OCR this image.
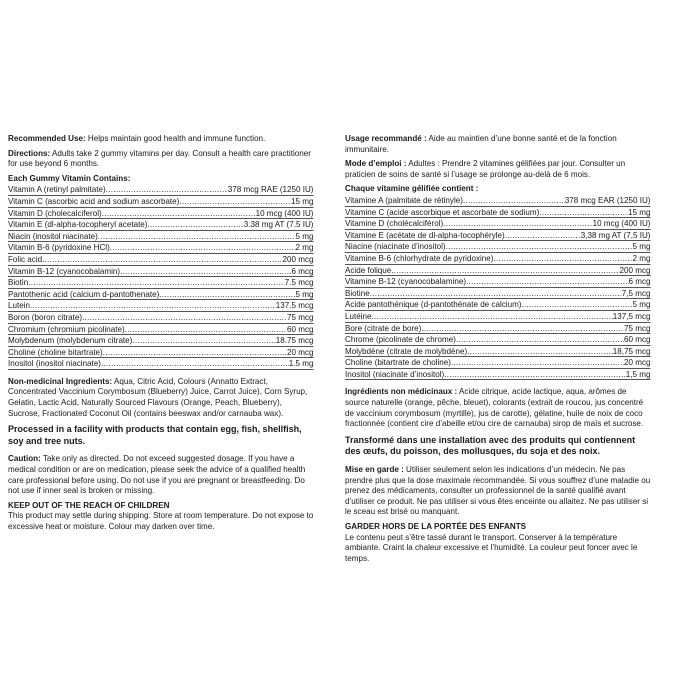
Recommended Use: Helps maintain good health and immune function.
Directions: Adults take 2 gummy vitamins per day. Consult a health care practitioner for use beyond 6 months.
Each Gummy Vitamin Contains:
Vitamin A (retinyl palmitate) .....	378 mcg RAE (1250 IU)
Vitamin C (ascorbic acid and sodium ascorbate) .....	15 mg
Vitamin D (cholecalciferol) .....	10 mcg (400 IU)
Vitamin E (dl-alpha-tocopheryl acetate) .....	3.38 mg AT (7.5 IU)
Niacin (inositol niacinate) .....	5 mg
Vitamin B-6 (pyridoxine HCl) .....	2 mg
Folic acid .....	200 mcg
Vitamin B-12 (cyanocobalamin) .....	6 mcg
Biotin .....	7.5 mcg
Pantothenic acid (calcium d-pantothenate) .....	5 mg
Lutein .....	137.5 mcg
Boron (boron citrate) .....	75 mcg
Chromium (chromium picolinate) .....	60 mcg
Molybdenum (molybdenum citrate) .....	18.75 mcg
Choline (choline bitartrate) .....	20 mcg
Inositol (inositol niacinate) .....	1.5 mg
Non-medicinal Ingredients: Aqua, Citric Acid, Colours (Annatto Extract, Concentrated Vaccinium Corymbosum (Blueberry) Juice, Carrot Juice), Corn Syrup, Gelatin, Lactic Acid, Naturally Sourced Flavours (Orange, Peach, Blueberry), Sucrose, Fractionated Coconut Oil (contains beeswax and/or carnauba wax).
Processed in a facility with products that contain egg, fish, shellfish, soy and tree nuts.
Caution: Take only as directed. Do not exceed suggested dosage. If you have a medical condition or are on medication, please seek the advice of a qualified health care professional before using. Do not use if you are pregnant or breastfeeding. Do not use if inner seal is broken or missing.
KEEP OUT OF THE REACH OF CHILDREN
This product may settle during shipping. Store at room temperature. Do not expose to excessive heat or moisture. Colour may darken over time.
Usage recommandé : Aide au maintien d’une bonne santé et de la fonction immunitaire.
Mode d’emploi : Adultes : Prendre 2 vitamines gélifiées par jour. Consulter un praticien de soins de santé si l’usage se prolonge au-delà de 6 mois.
Chaque vitamine gélifiée contient :
Vitamine A (palmitate de rétinyle) .....	378 mcg EAR (1250 IU)
Vitamine C (acide ascorbique et ascorbate de sodium) .....	15 mg
Vitamine D (cholécalciférol) .....	10 mcg (400 IU)
Vitamine E (acétate de dl-alpha-tocophéryle) .....	3,38 mg AT (7,5 IU)
Niacine (niacinate d’inositol) .....	5 mg
Vitamine B-6 (chlorhydrate de pyridoxine) .....	2 mg
Acide folique .....	200 mcg
Vitamine B-12 (cyanocobalamine) .....	6 mcg
Biotine .....	7,5 mcg
Acide pantothénique (d-pantothénate de calcium) .....	5 mg
Lutéine .....	137,5 mcg
Bore (citrate de bore) .....	75 mcg
Chrome (picolinate de chrome) .....	60 mcg
Molybdène (citrate de molybdène) .....	18,75 mcg
Choline (bitartrate de choline) .....	20 mcg
Inositol (niacinate d’inositol) .....	1,5 mg
Ingrédients non médicinaux : Acide citrique, acide lactique, aqua, arômes de source naturelle (orange, pêche, bleuet), colorants (extrait de roucou, jus concentré de vaccinium corymbosum (myrtille), jus de carotte), gélatine, huile de noix de coco fractionnée (contient cire d’abeille et/ou cire de carnauba) sirop de maïs et sucrose.
Transformé dans une installation avec des produits qui contiennent des œufs, du poisson, des mollusques, du soja et des noix.
Mise en garde : Utiliser seulement selon les indications d’un médecin. Ne pas prendre plus que la dose maximale recommandée. Si vous souffrez d’une maladie ou prenez des médicaments, consulter un professionnel de la santé qualifié avant d’utiliser ce produit. Ne pas utiliser si vous êtes enceinte ou allaitez. Ne pas utiliser si le sceau est brisé ou manquant.
GARDER HORS DE LA PORTÉE DES ENFANTS
Le contenu peut s’être tassé durant le transport. Conserver à la température ambiante. Craint la chaleur excessive et l’humidité. La couleur peut foncer avec le temps.
